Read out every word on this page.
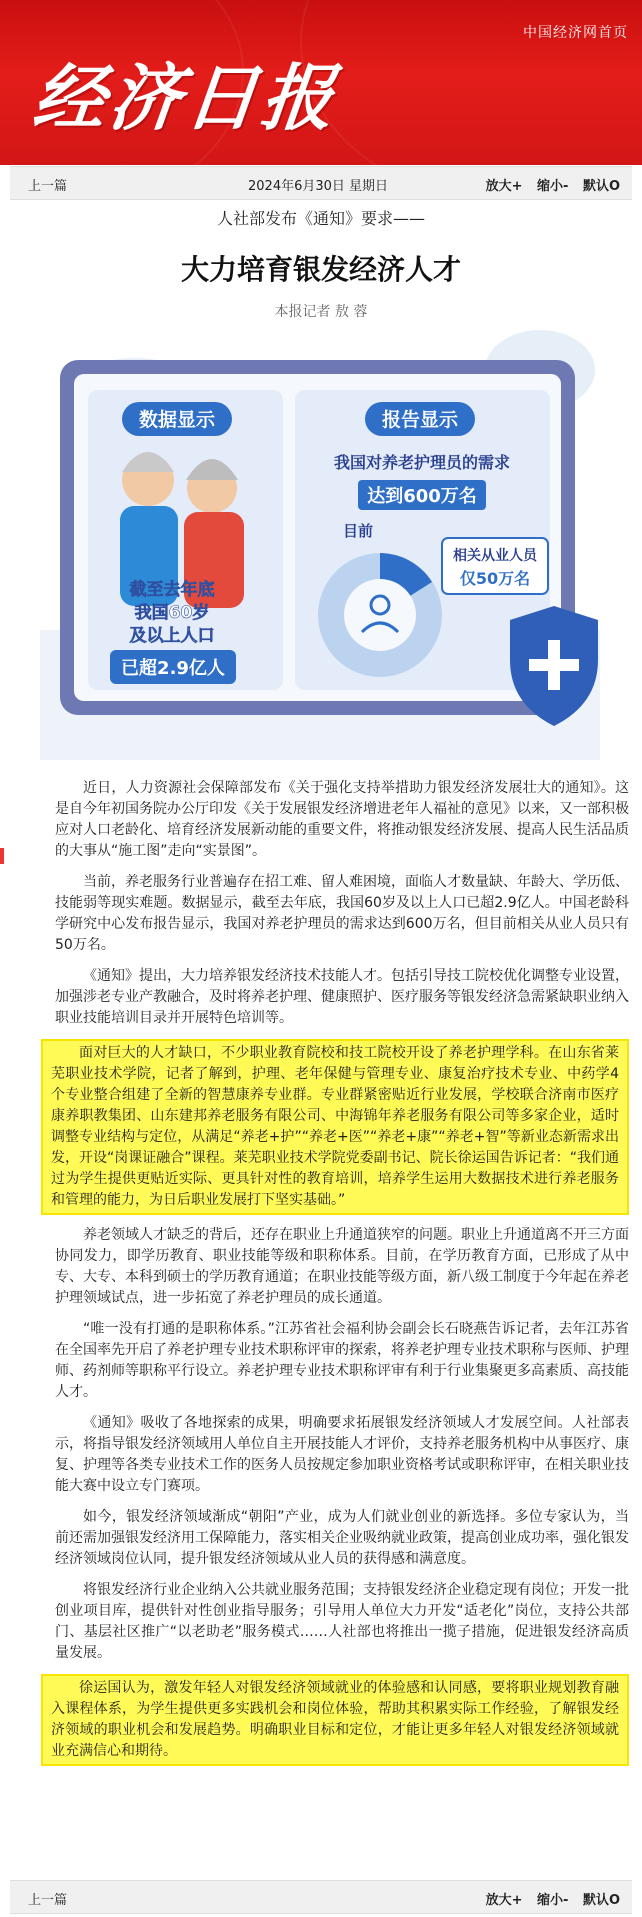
中国经济网首页
经济日报
上一篇	2024年6月30日 星期日	放大+ 缩小- 默认O
人社部发布《通知》要求——
大力培育银发经济人才
本报记者 敖 蓉
数据显示
截至去年底
我国60岁
及以上人口
已超2.9亿人
报告显示
我国对养老护理员的需求
达到600万名
目前
相关从业人员
仅50万名

近日，人力资源社会保障部发布《关于强化支持举措助力银发经济发展壮大的通知》。这是自今年初国务院办公厅印发《关于发展银发经济增进老年人福祉的意见》以来，又一部积极应对人口老龄化、培育经济发展新动能的重要文件，将推动银发经济发展、提高人民生活品质的大事从“施工图”走向“实景图”。

当前，养老服务行业普遍存在招工难、留人难困境，面临人才数量缺、年龄大、学历低、技能弱等现实难题。数据显示，截至去年底，我国60岁及以上人口已超2.9亿人。中国老龄科学研究中心发布报告显示，我国对养老护理员的需求达到600万名，但目前相关从业人员只有50万名。

《通知》提出，大力培养银发经济技术技能人才。包括引导技工院校优化调整专业设置，加强涉老专业产教融合，及时将养老护理、健康照护、医疗服务等银发经济急需紧缺职业纳入职业技能培训目录并开展特色培训等。

面对巨大的人才缺口，不少职业教育院校和技工院校开设了养老护理学科。在山东省莱芜职业技术学院，记者了解到，护理、老年保健与管理专业、康复治疗技术专业、中药学4个专业整合组建了全新的智慧康养专业群。专业群紧密贴近行业发展，学校联合济南市医疗康养职教集团、山东建邦养老服务有限公司、中海锦年养老服务有限公司等多家企业，适时调整专业结构与定位，从满足“养老+护”“养老+医”“养老+康”“养老+智”等新业态新需求出发，开设“岗课证融合”课程。莱芜职业技术学院党委副书记、院长徐运国告诉记者：“我们通过为学生提供更贴近实际、更具针对性的教育培训，培养学生运用大数据技术进行养老服务和管理的能力，为日后职业发展打下坚实基础。”

养老领域人才缺乏的背后，还存在职业上升通道狭窄的问题。职业上升通道离不开三方面协同发力，即学历教育、职业技能等级和职称体系。目前，在学历教育方面，已形成了从中专、大专、本科到硕士的学历教育通道；在职业技能等级方面，新八级工制度于今年起在养老护理领域试点，进一步拓宽了养老护理员的成长通道。

“唯一没有打通的是职称体系。”江苏省社会福利协会副会长石晓燕告诉记者，去年江苏省在全国率先开启了养老护理专业技术职称评审的探索，将养老护理专业技术职称与医师、护理师、药剂师等职称平行设立。养老护理专业技术职称评审有利于行业集聚更多高素质、高技能人才。

《通知》吸收了各地探索的成果，明确要求拓展银发经济领域人才发展空间。人社部表示，将指导银发经济领域用人单位自主开展技能人才评价，支持养老服务机构中从事医疗、康复、护理等各类专业技术工作的医务人员按规定参加职业资格考试或职称评审，在相关职业技能大赛中设立专门赛项。

如今，银发经济领域渐成“朝阳”产业，成为人们就业创业的新选择。多位专家认为，当前还需加强银发经济用工保障能力，落实相关企业吸纳就业政策，提高创业成功率，强化银发经济领域岗位认同，提升银发经济领域从业人员的获得感和满意度。

将银发经济行业企业纳入公共就业服务范围；支持银发经济企业稳定现有岗位；开发一批创业项目库，提供针对性创业指导服务；引导用人单位大力开发“适老化”岗位，支持公共部门、基层社区推广“以老助老”服务模式……人社部也将推出一揽子措施，促进银发经济高质量发展。

徐运国认为，激发年轻人对银发经济领域就业的体验感和认同感，要将职业规划教育融入课程体系，为学生提供更多实践机会和岗位体验，帮助其积累实际工作经验，了解银发经济领域的职业机会和发展趋势。明确职业目标和定位，才能让更多年轻人对银发经济领域就业充满信心和期待。

上一篇	放大+ 缩小- 默认O
